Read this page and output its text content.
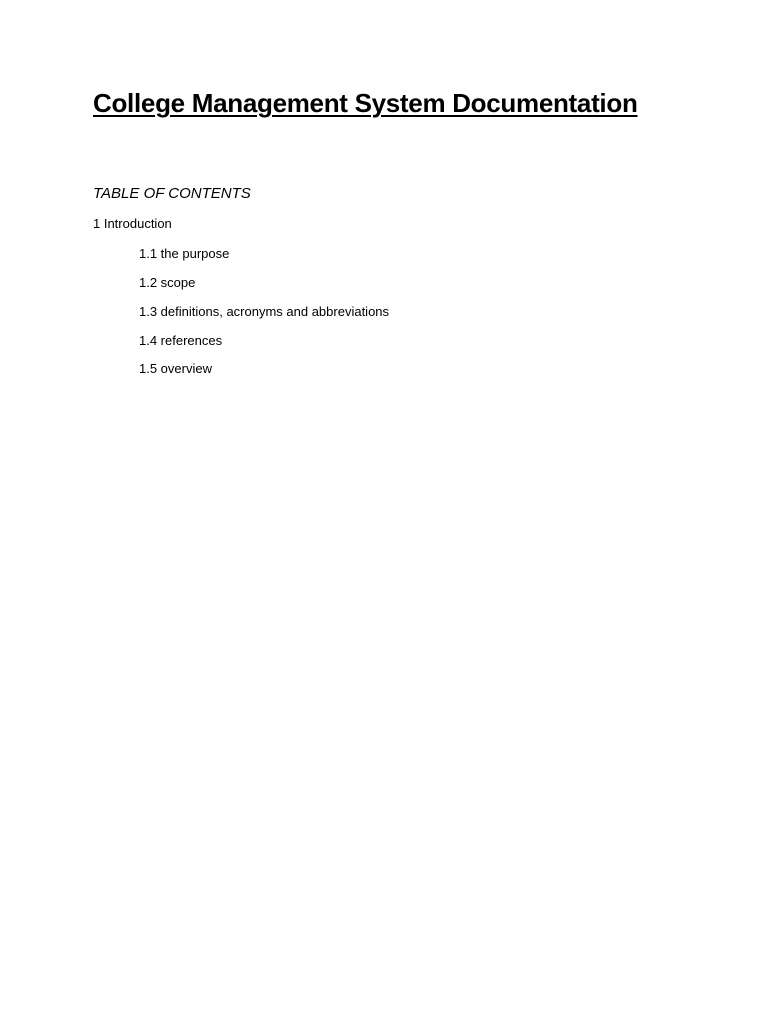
College Management System Documentation
TABLE OF CONTENTS

1 Introduction

1.1 the purpose

1.2 scope

1.3 definitions, acronyms and abbreviations

1.4 references

1.5 overview
